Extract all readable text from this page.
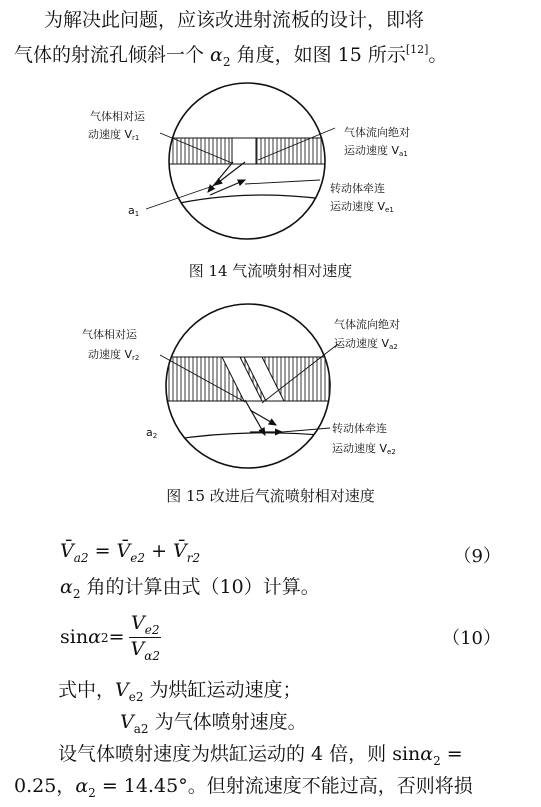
为解决此问题，应该改进射流板的设计，即将
气体的射流孔倾斜一个 $\alpha_2$ 角度，如图 15 所示[12]。
气体相对运
动速度 Vr1	气体流向绝对
运动速度 Va1
转动体牵连
运动速度 Ve1
a1
气体相对运
动速度 Vr2
气体流向绝对
运动速度 Va2
转动体牵连
运动速度 Ve2
a2
图 14 气流喷射相对速度
图 15 改进后气流喷射相对速度
$V̄_{a2}$ = $V̄_{e2}$ + $V̄_{r2}$	（9）
$\alpha_2$ 角的计算由式（10）计算。
sin α $2 = \frac{V_{e2}}{V_{\alpha 2}}$	（10）
式中，$V_{e2}$ 为烘缸运动速度；
$V_{a2}$ 为气体喷射速度。
设气体喷射速度为烘缸运动的 4 倍，则 sinα$_2$ =
0.25，$\alpha_2 = 14.45^\circ$。但射流速度不能过高，否则将损
